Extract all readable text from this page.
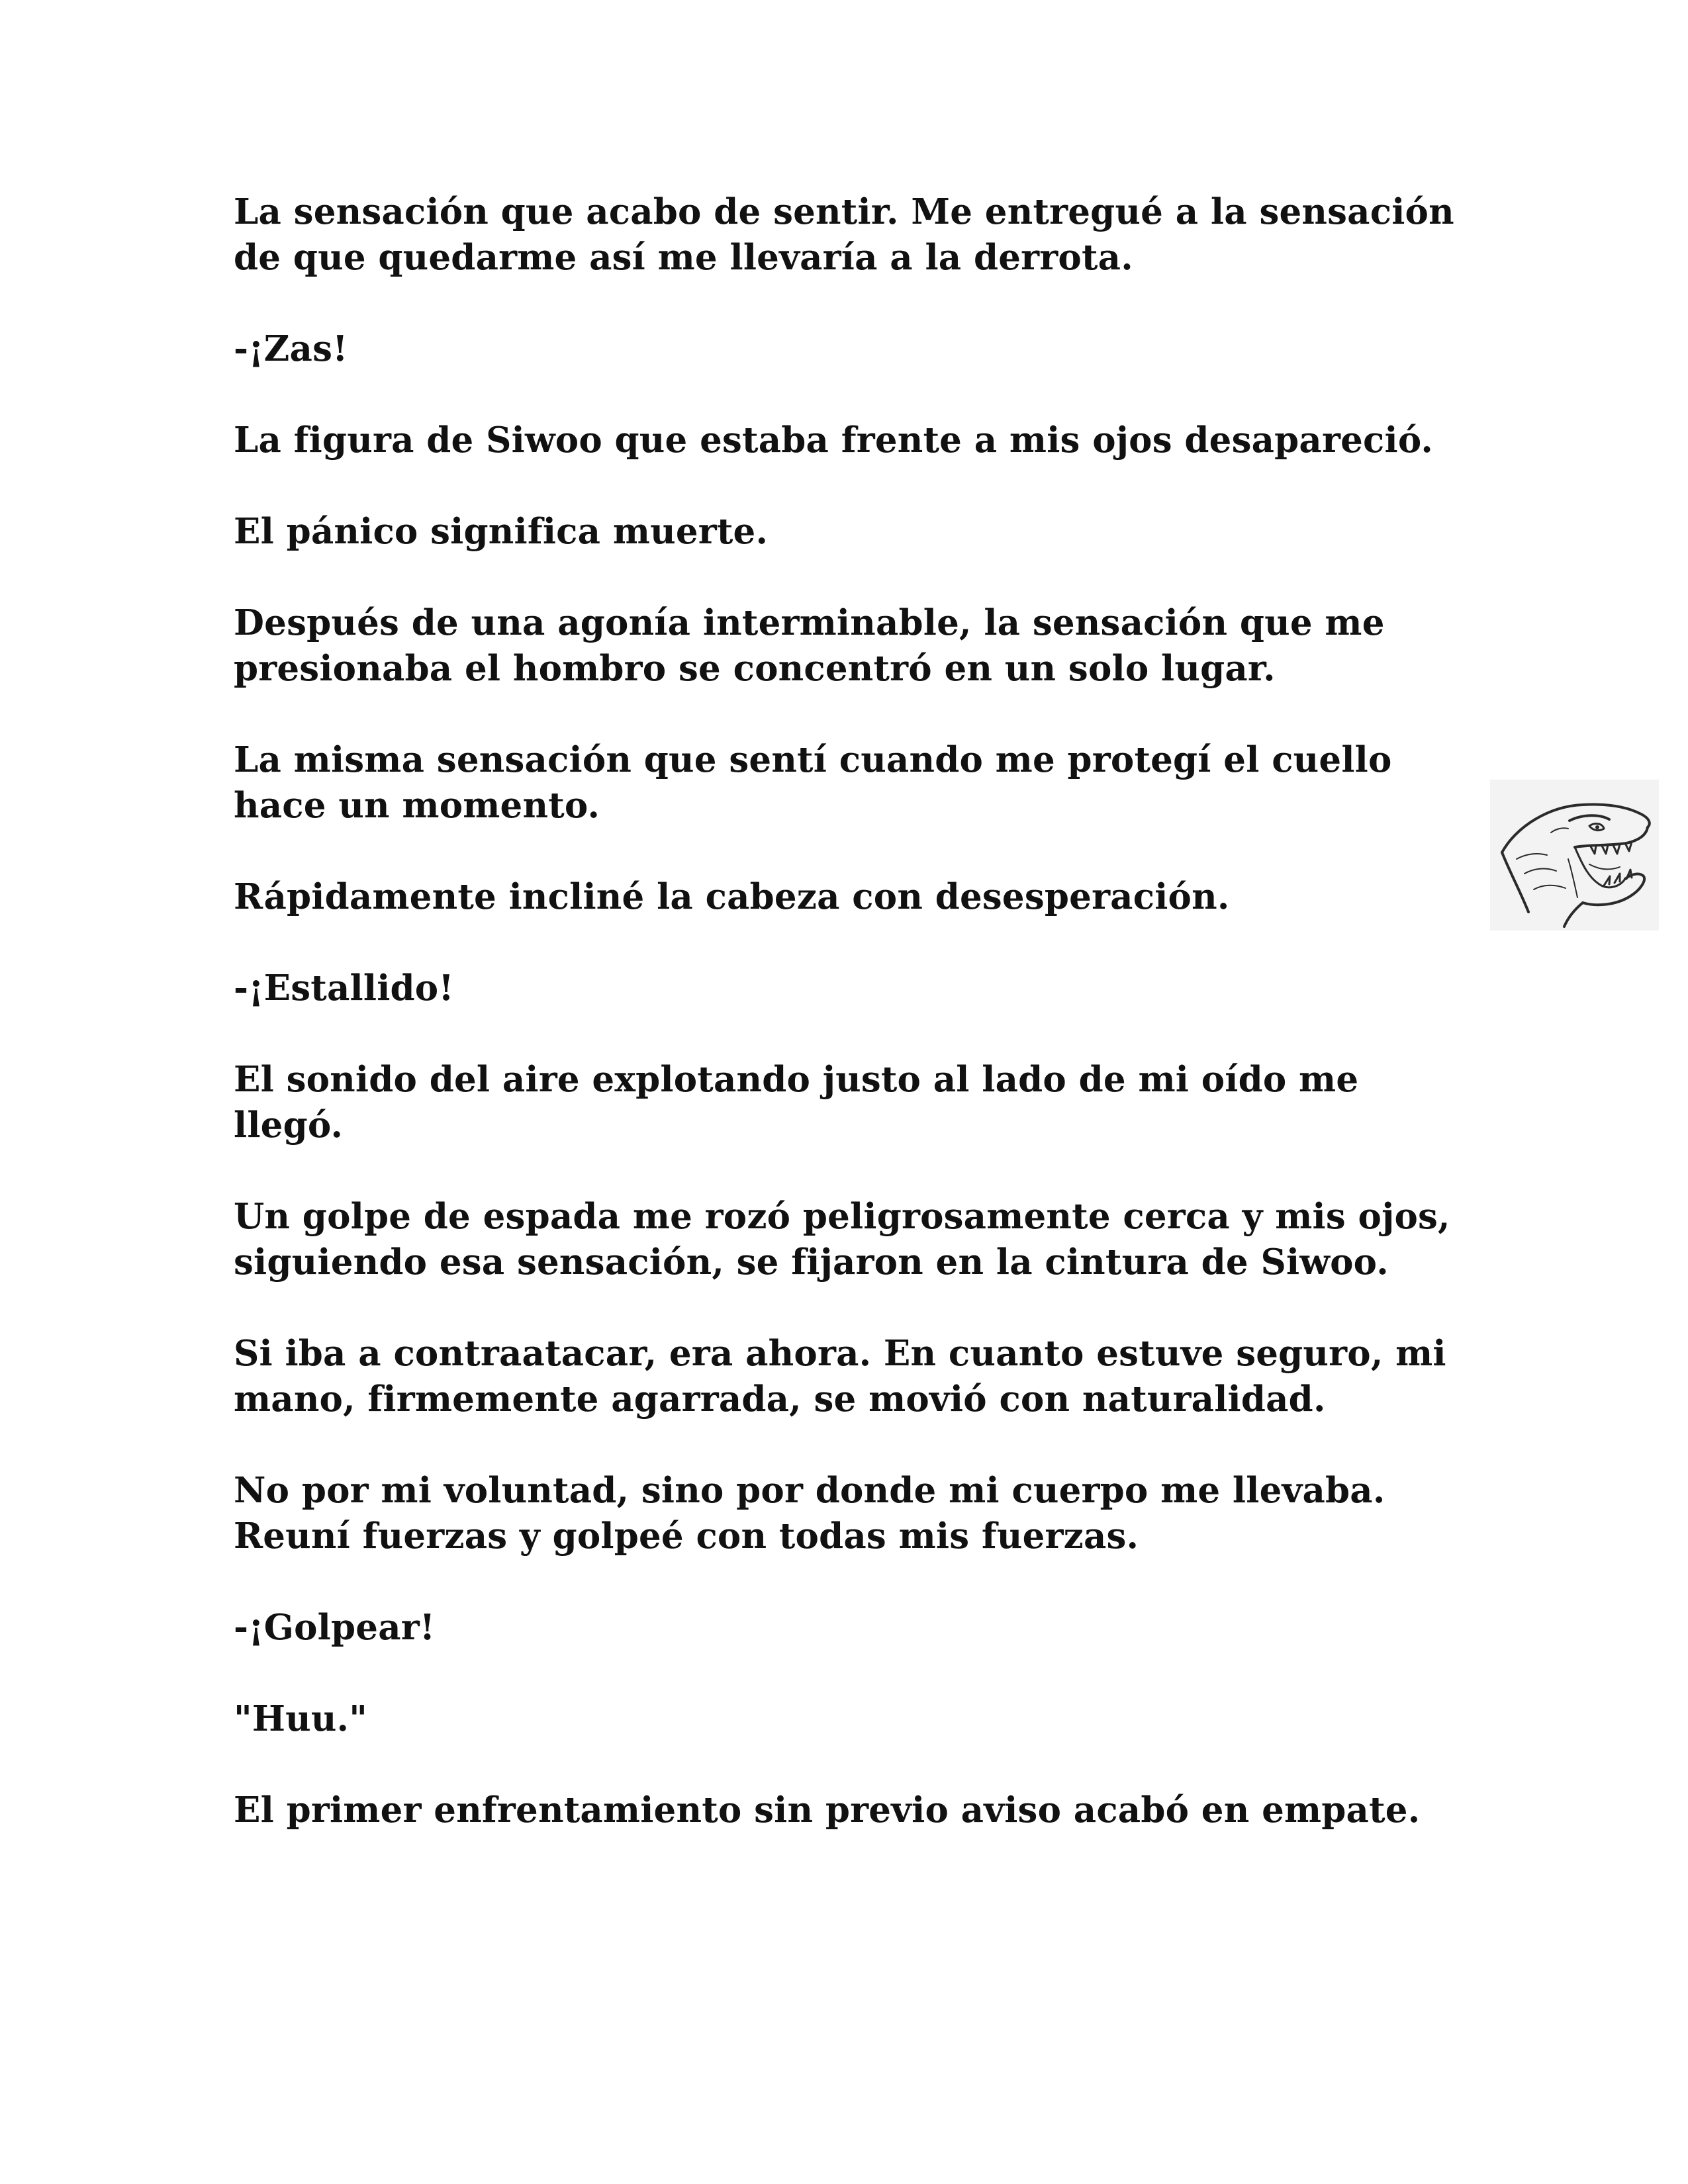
La sensación que acabo de sentir. Me entregué a la sensación
de que quedarme así me llevaría a la derrota.

-¡Zas!

La figura de Siwoo que estaba frente a mis ojos desapareció.

El pánico significa muerte.

Después de una agonía interminable, la sensación que me
presionaba el hombro se concentró en un solo lugar.

La misma sensación que sentí cuando me protegí el cuello
hace un momento.

Rápidamente incliné la cabeza con desesperación.

-¡Estallido!

El sonido del aire explotando justo al lado de mi oído me
llegó.

Un golpe de espada me rozó peligrosamente cerca y mis ojos,
siguiendo esa sensación, se fijaron en la cintura de Siwoo.

Si iba a contraatacar, era ahora. En cuanto estuve seguro, mi
mano, firmemente agarrada, se movió con naturalidad.

No por mi voluntad, sino por donde mi cuerpo me llevaba.
Reuní fuerzas y golpeé con todas mis fuerzas.

-¡Golpear!

"Huu."

El primer enfrentamiento sin previo aviso acabó en empate.
